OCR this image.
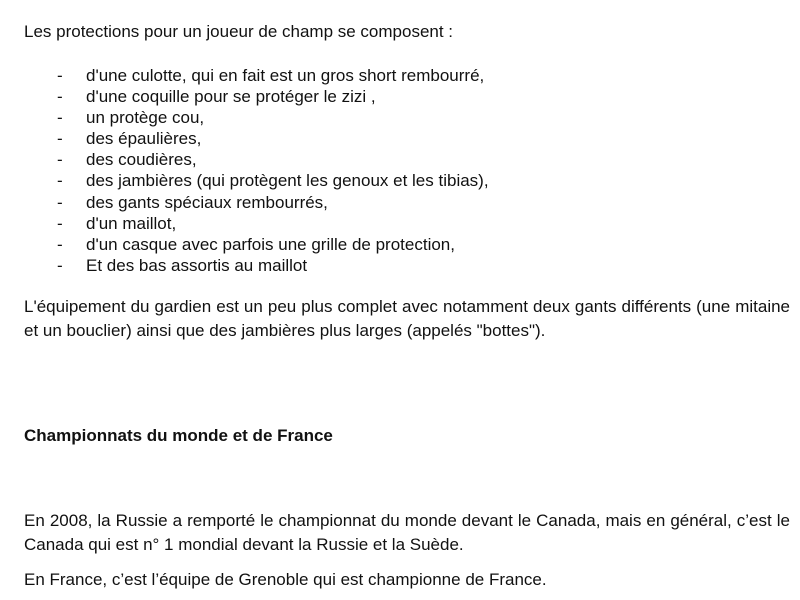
Les protections pour un joueur de champ se composent :
- d'une culotte, qui en fait est un gros short rembourré,
- d'une coquille pour se protéger le zizi ,
- un protège cou,
- des épaulières,
- des coudières,
- des jambières (qui protègent les genoux et les tibias),
- des gants spéciaux rembourrés,
- d'un maillot,
- d'un casque avec parfois une grille de protection,
- Et des bas assortis au maillot

L'équipement du gardien est un peu plus complet avec notamment deux gants différents (une mitaine et un bouclier) ainsi que des jambières plus larges (appelés "bottes").

Championnats du monde et de France

En 2008, la Russie a remporté le championnat du monde devant le Canada, mais en général, c’est le Canada qui est n° 1 mondial devant la Russie et la Suède.

En France, c’est l’équipe de Grenoble qui est championne de France.
